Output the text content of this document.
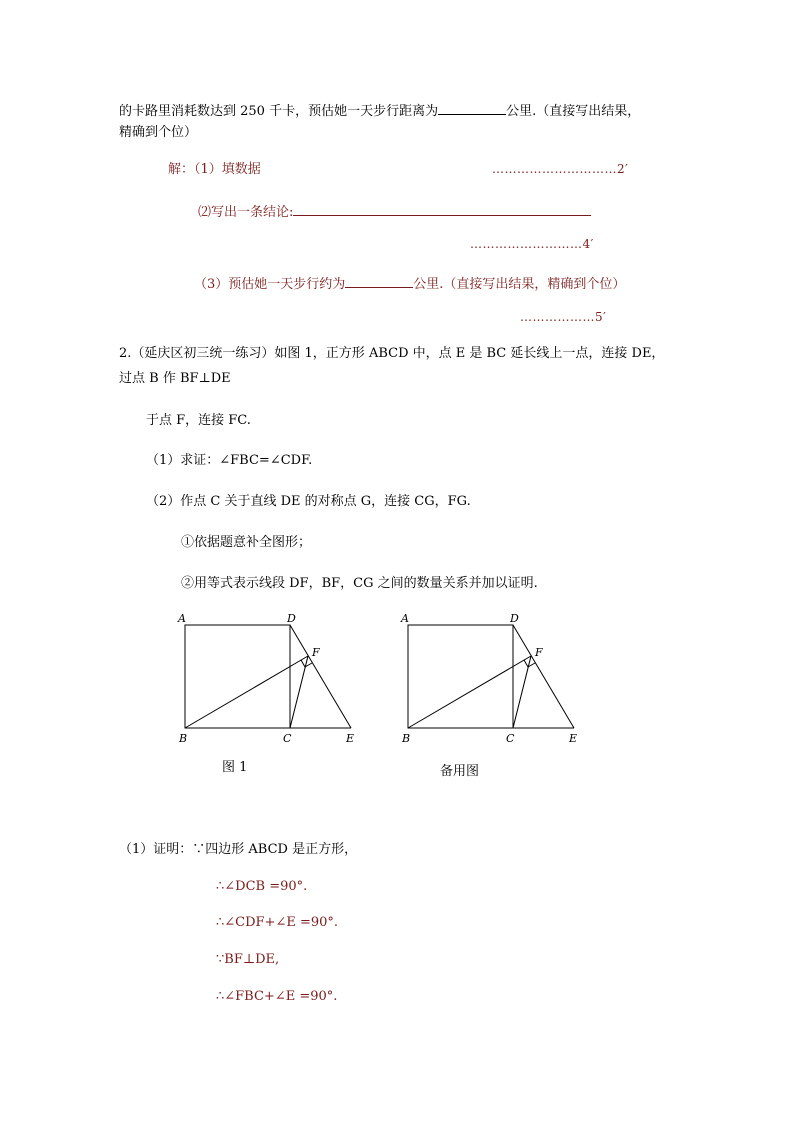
的卡路里消耗数达到 250 千卡，预估她一天步行距离为	公里.（直接写出结果，
精确到个位）
解：（1）填数据	…………………………2′
⑵写出一条结论:
………………………4′
（3）预估她一天步行约为	公里.（直接写出结果，精确到个位）
………………5′
2.（延庆区初三统一练习）如图 1，正方形 ABCD 中，点 E 是 BC 延长线上一点，连接 DE，
过点 B 作 BF⊥DE
于点 F，连接 FC.
（1）求证：∠FBC=∠CDF.
（2）作点 C 关于直线 DE 的对称点 G，连接 CG，FG.
①依据题意补全图形；
②用等式表示线段 DF，BF，CG 之间的数量关系并加以证明.
A	D
F
B	C	E
图 1
A	D
F
B	C	E
备用图
（1）证明：∵四边形 ABCD 是正方形，
∴∠DCB =90°.
∴∠CDF+∠E =90°.
∵BF⊥DE,
∴∠FBC+∠E =90°.
